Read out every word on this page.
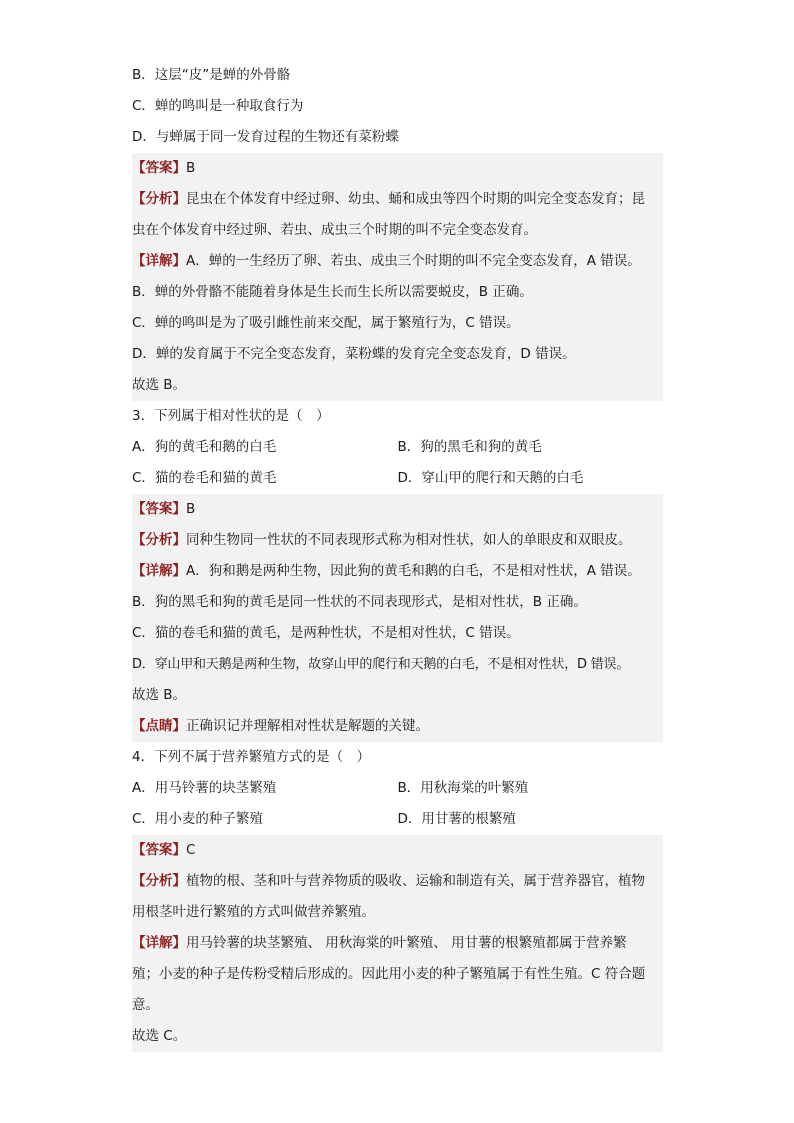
B．这层“皮”是蝉的外骨骼
C．蝉的鸣叫是一种取食行为
D．与蝉属于同一发育过程的生物还有菜粉蝶
【答案】B
【分析】昆虫在个体发育中经过卵、幼虫、蛹和成虫等四个时期的叫完全变态发育；昆
虫在个体发育中经过卵、若虫、成虫三个时期的叫不完全变态发育。
【详解】A．蝉的一生经历了卵、若虫、成虫三个时期的叫不完全变态发育，A 错误。
B．蝉的外骨骼不能随着身体是生长而生长所以需要蜕皮，B 正确。
C．蝉的鸣叫是为了吸引雌性前来交配，属于繁殖行为，C 错误。
D．蝉的发育属于不完全变态发育，菜粉蝶的发育完全变态发育，D 错误。
故选 B。
3．下列属于相对性状的是（　）
A．狗的黄毛和鹅的白毛	B．狗的黑毛和狗的黄毛
C．猫的卷毛和猫的黄毛	D．穿山甲的爬行和天鹅的白毛
【答案】B
【分析】同种生物同一性状的不同表现形式称为相对性状，如人的单眼皮和双眼皮。
【详解】A．狗和鹅是两种生物，因此狗的黄毛和鹅的白毛，不是相对性状，A 错误。
B．狗的黑毛和狗的黄毛是同一性状的不同表现形式，是相对性状，B 正确。
C．猫的卷毛和猫的黄毛，是两种性状，不是相对性状，C 错误。
D．穿山甲和天鹅是两种生物，故穿山甲的爬行和天鹅的白毛，不是相对性状，D 错误。
故选 B。
【点睛】正确识记并理解相对性状是解题的关键。
4．下列不属于营养繁殖方式的是（　）
A．用马铃薯的块茎繁殖	B．用秋海棠的叶繁殖
C．用小麦的种子繁殖	D．用甘薯的根繁殖
【答案】C
【分析】植物的根、茎和叶与营养物质的吸收、运输和制造有关，属于营养器官，植物
用根茎叶进行繁殖的方式叫做营养繁殖。
【详解】用马铃薯的块茎繁殖、 用秋海棠的叶繁殖、 用甘薯的根繁殖都属于营养繁
殖；小麦的种子是传粉受精后形成的。因此用小麦的种子繁殖属于有性生殖。C 符合题
意。
故选 C。
